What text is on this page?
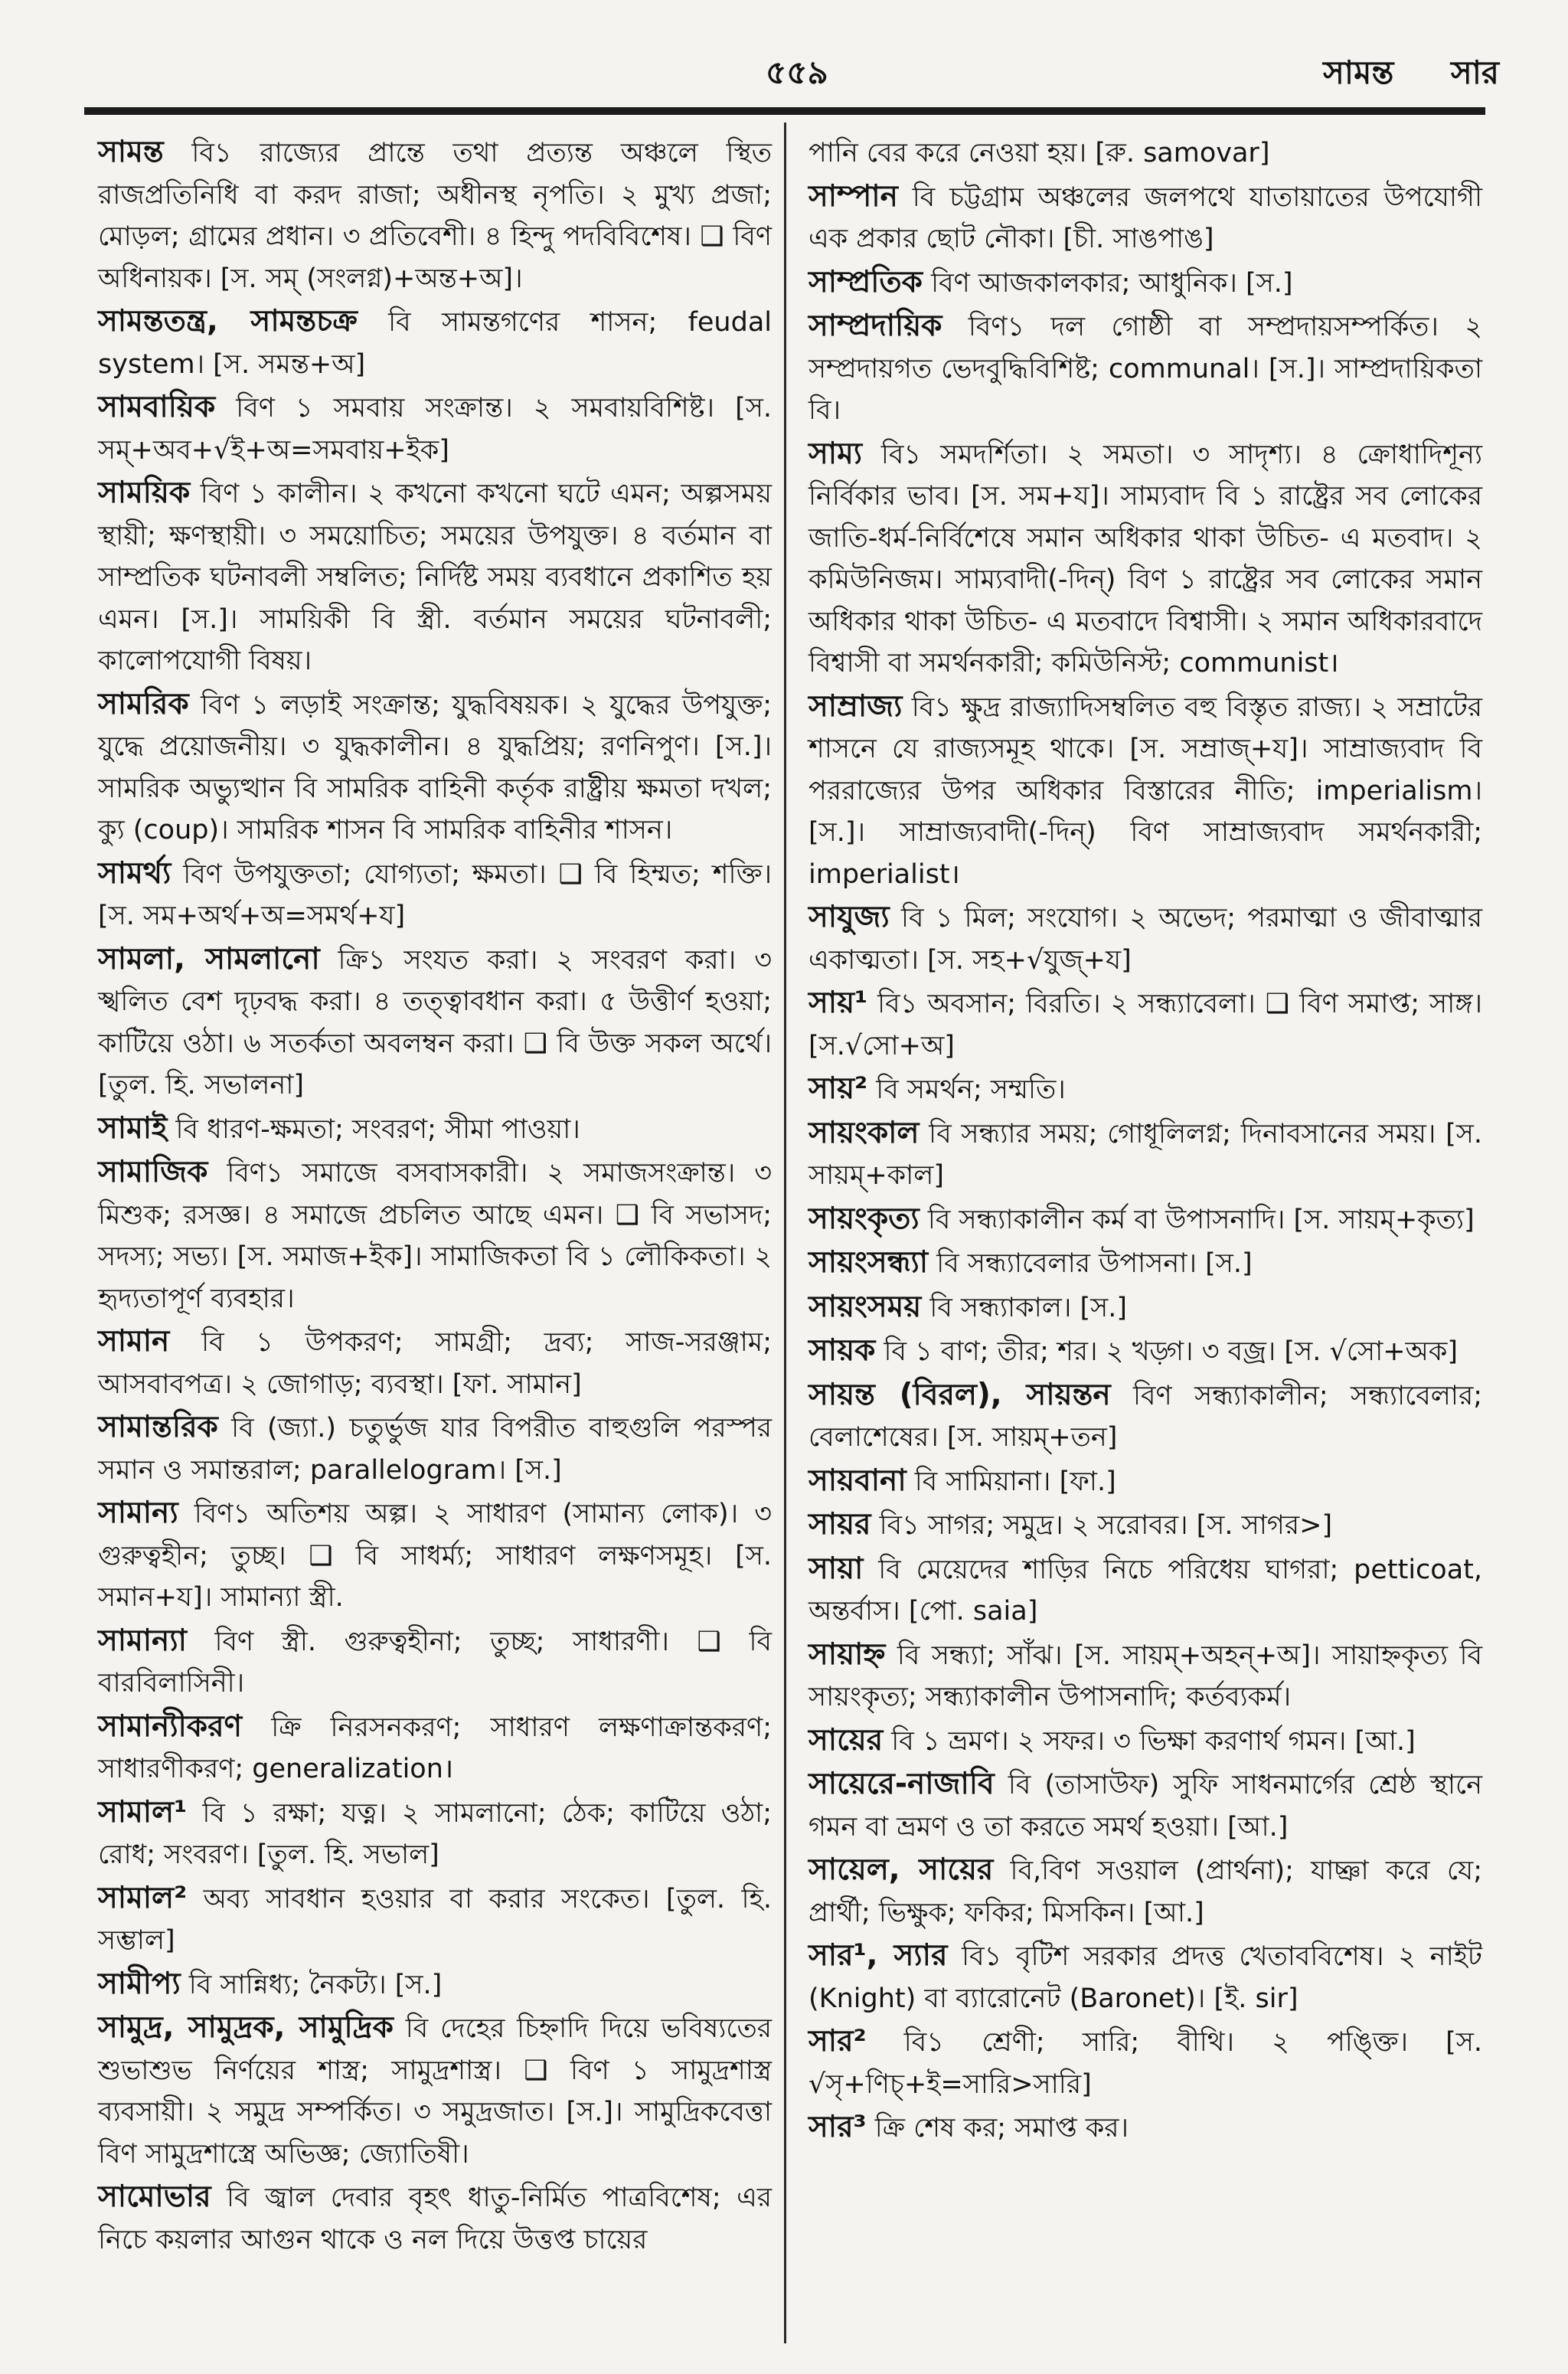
৫৫৯	সামন্ত সার
সামন্ত বি১ রাজ্যের প্রান্তে তথা প্রত্যন্ত অঞ্চলে স্থিত রাজপ্রতিনিধি বা করদ রাজা; অধীনস্থ নৃপতি। ২ মুখ্য প্রজা; মোড়ল; গ্রামের প্রধান। ৩ প্রতিবেশী। ৪ হিন্দু পদবিবিশেষ। ❑ বিণ অধিনায়ক। [স. সম্ (সংলগ্ন)+অন্ত+অ]।
সামন্ততন্ত্র, সামন্তচক্র বি সামন্তগণের শাসন; feudal system। [স. সমন্ত+অ]
সামবায়িক বিণ ১ সমবায় সংক্রান্ত। ২ সমবায়বিশিষ্ট। [স. সম্+অব+√ই+অ=সমবায়+ইক]
সাময়িক বিণ ১ কালীন। ২ কখনো কখনো ঘটে এমন; অল্পসময় স্থায়ী; ক্ষণস্থায়ী। ৩ সময়োচিত; সময়ের উপযুক্ত। ৪ বর্তমান বা সাম্প্রতিক ঘটনাবলী সম্বলিত; নির্দিষ্ট সময় ব্যবধানে প্রকাশিত হয় এমন। [স.]। সাময়িকী বি স্ত্রী. বর্তমান সময়ের ঘটনাবলী; কালোপযোগী বিষয়।
সামরিক বিণ ১ লড়াই সংক্রান্ত; যুদ্ধবিষয়ক। ২ যুদ্ধের উপযুক্ত; যুদ্ধে প্রয়োজনীয়। ৩ যুদ্ধকালীন। ৪ যুদ্ধপ্রিয়; রণনিপুণ। [স.]। সামরিক অভ্যুত্থান বি সামরিক বাহিনী কর্তৃক রাষ্ট্রীয় ক্ষমতা দখল; ক্যু (coup)। সামরিক শাসন বি সামরিক বাহিনীর শাসন।
সামর্থ্য বিণ উপযুক্ততা; যোগ্যতা; ক্ষমতা। ❑ বি হিম্মত; শক্তি। [স. সম+অর্থ+অ=সমর্থ+য]
সামলা, সামলানো ক্রি১ সংযত করা। ২ সংবরণ করা। ৩ স্খলিত বেশ দৃঢ়বদ্ধ করা। ৪ তত্ত্বাবধান করা। ৫ উত্তীর্ণ হওয়া; কাটিয়ে ওঠা। ৬ সতর্কতা অবলম্বন করা। ❑ বি উক্ত সকল অর্থে। [তুল. হি. সভালনা]
সামাই বি ধারণ-ক্ষমতা; সংবরণ; সীমা পাওয়া।
সামাজিক বিণ১ সমাজে বসবাসকারী। ২ সমাজসংক্রান্ত। ৩ মিশুক; রসজ্ঞ। ৪ সমাজে প্রচলিত আছে এমন। ❑ বি সভাসদ; সদস্য; সভ্য। [স. সমাজ+ইক]। সামাজিকতা বি ১ লৌকিকতা। ২ হৃদ্যতাপূর্ণ ব্যবহার।
সামান বি ১ উপকরণ; সামগ্রী; দ্রব্য; সাজ-সরঞ্জাম; আসবাবপত্র। ২ জোগাড়; ব্যবস্থা। [ফা. সামান]
সামান্তরিক বি (জ্যা.) চতুর্ভুজ যার বিপরীত বাহুগুলি পরস্পর সমান ও সমান্তরাল; parallelogram। [স.]
সামান্য বিণ১ অতিশয় অল্প। ২ সাধারণ (সামান্য লোক)। ৩ গুরুত্বহীন; তুচ্ছ। ❑ বি সাধর্ম্য; সাধারণ লক্ষণসমূহ। [স. সমান+য]। সামান্যা স্ত্রী.
সামান্যা বিণ স্ত্রী. গুরুত্বহীনা; তুচ্ছ; সাধারণী। ❑ বি বারবিলাসিনী।
সামান্যীকরণ ক্রি নিরসনকরণ; সাধারণ লক্ষণাক্রান্তকরণ; সাধারণীকরণ; generalization।
সামাল¹ বি ১ রক্ষা; যত্ন। ২ সামলানো; ঠেক; কাটিয়ে ওঠা; রোধ; সংবরণ। [তুল. হি. সভাল]
সামাল² অব্য সাবধান হওয়ার বা করার সংকেত। [তুল. হি. সম্ভাল]
সামীপ্য বি সান্নিধ্য; নৈকট্য। [স.]
সামুদ্র, সামুদ্রক, সামুদ্রিক বি দেহের চিহ্নাদি দিয়ে ভবিষ্যতের শুভাশুভ নির্ণয়ের শাস্ত্র; সামুদ্রশাস্ত্র। ❑ বিণ ১ সামুদ্রশাস্ত্র ব্যবসায়ী। ২ সমুদ্র সম্পর্কিত। ৩ সমুদ্রজাত। [স.]। সামুদ্রিকবেত্তা বিণ সামুদ্রশাস্ত্রে অভিজ্ঞ; জ্যোতিষী।
সামোভার বি জ্বাল দেবার বৃহৎ ধাতু-নির্মিত পাত্রবিশেষ; এর নিচে কয়লার আগুন থাকে ও নল দিয়ে উত্তপ্ত চায়ের
পানি বের করে নেওয়া হয়। [রু. samovar]
সাম্পান বি চট্টগ্রাম অঞ্চলের জলপথে যাতায়াতের উপযোগী এক প্রকার ছোট নৌকা। [চী. সাঙপাঙ]
সাম্প্রতিক বিণ আজকালকার; আধুনিক। [স.]
সাম্প্রদায়িক বিণ১ দল গোষ্ঠী বা সম্প্রদায়সম্পর্কিত। ২ সম্প্রদায়গত ভেদবুদ্ধিবিশিষ্ট; communal। [স.]। সাম্প্রদায়িকতা বি।
সাম্য বি১ সমদর্শিতা। ২ সমতা। ৩ সাদৃশ্য। ৪ ক্রোধাদিশূন্য নির্বিকার ভাব। [স. সম+য]। সাম্যবাদ বি ১ রাষ্ট্রের সব লোকের জাতি-ধর্ম-নির্বিশেষে সমান অধিকার থাকা উচিত- এ মতবাদ। ২ কমিউনিজম। সাম্যবাদী(-দিন্) বিণ ১ রাষ্ট্রের সব লোকের সমান অধিকার থাকা উচিত- এ মতবাদে বিশ্বাসী। ২ সমান অধিকারবাদে বিশ্বাসী বা সমর্থনকারী; কমিউনিস্ট; communist।
সাম্রাজ্য বি১ ক্ষুদ্র রাজ্যাদিসম্বলিত বহু বিস্তৃত রাজ্য। ২ সম্রাটের শাসনে যে রাজ্যসমূহ থাকে। [স. সম্রাজ্+য]। সাম্রাজ্যবাদ বি পররাজ্যের উপর অধিকার বিস্তারের নীতি; imperialism। [স.]। সাম্রাজ্যবাদী(-দিন্) বিণ সাম্রাজ্যবাদ সমর্থনকারী; imperialist।
সাযুজ্য বি ১ মিল; সংযোগ। ২ অভেদ; পরমাত্মা ও জীবাত্মার একাত্মতা। [স. সহ+√যুজ্+য]
সায়¹ বি১ অবসান; বিরতি। ২ সন্ধ্যাবেলা। ❑ বিণ সমাপ্ত; সাঙ্গ। [স.√সো+অ]
সায়² বি সমর্থন; সম্মতি।
সায়ংকাল বি সন্ধ্যার সময়; গোধূলিলগ্ন; দিনাবসানের সময়। [স. সায়ম্+কাল]
সায়ংকৃত্য বি সন্ধ্যাকালীন কর্ম বা উপাসনাদি। [স. সায়ম্+কৃত্য]
সায়ংসন্ধ্যা বি সন্ধ্যাবেলার উপাসনা। [স.]
সায়ংসময় বি সন্ধ্যাকাল। [স.]
সায়ক বি ১ বাণ; তীর; শর। ২ খড়্গ। ৩ বজ্র। [স. √সো+অক]
সায়ন্ত (বিরল), সায়ন্তন বিণ সন্ধ্যাকালীন; সন্ধ্যাবেলার; বেলাশেষের। [স. সায়ম্+তন]
সায়বানা বি সামিয়ানা। [ফা.]
সায়র বি১ সাগর; সমুদ্র। ২ সরোবর। [স. সাগর>]
সায়া বি মেয়েদের শাড়ির নিচে পরিধেয় ঘাগরা; petticoat, অন্তর্বাস। [পো. saia]
সায়াহ্ন বি সন্ধ্যা; সাঁঝ। [স. সায়ম্+অহন্+অ]। সায়াহ্নকৃত্য বি সায়ংকৃত্য; সন্ধ্যাকালীন উপাসনাদি; কর্তব্যকর্ম।
সায়ের বি ১ ভ্রমণ। ২ সফর। ৩ ভিক্ষা করণার্থ গমন। [আ.]
সায়েরে-নাজাবি বি (তাসাউফ) সুফি সাধনমার্গের শ্রেষ্ঠ স্থানে গমন বা ভ্রমণ ও তা করতে সমর্থ হওয়া। [আ.]
সায়েল, সায়ের বি,বিণ সওয়াল (প্রার্থনা); যাচ্ঞা করে যে; প্রার্থী; ভিক্ষুক; ফকির; মিসকিন। [আ.]
সার¹, স্যার বি১ বৃটিশ সরকার প্রদত্ত খেতাববিশেষ। ২ নাইট (Knight) বা ব্যারোনেট (Baronet)। [ই. sir]
সার² বি১ শ্রেণী; সারি; বীথি। ২ পঙ্ক্তি। [স. √সৃ+ণিচ্+ই=সারি>সারি]
সার³ ক্রি শেষ কর; সমাপ্ত কর।
